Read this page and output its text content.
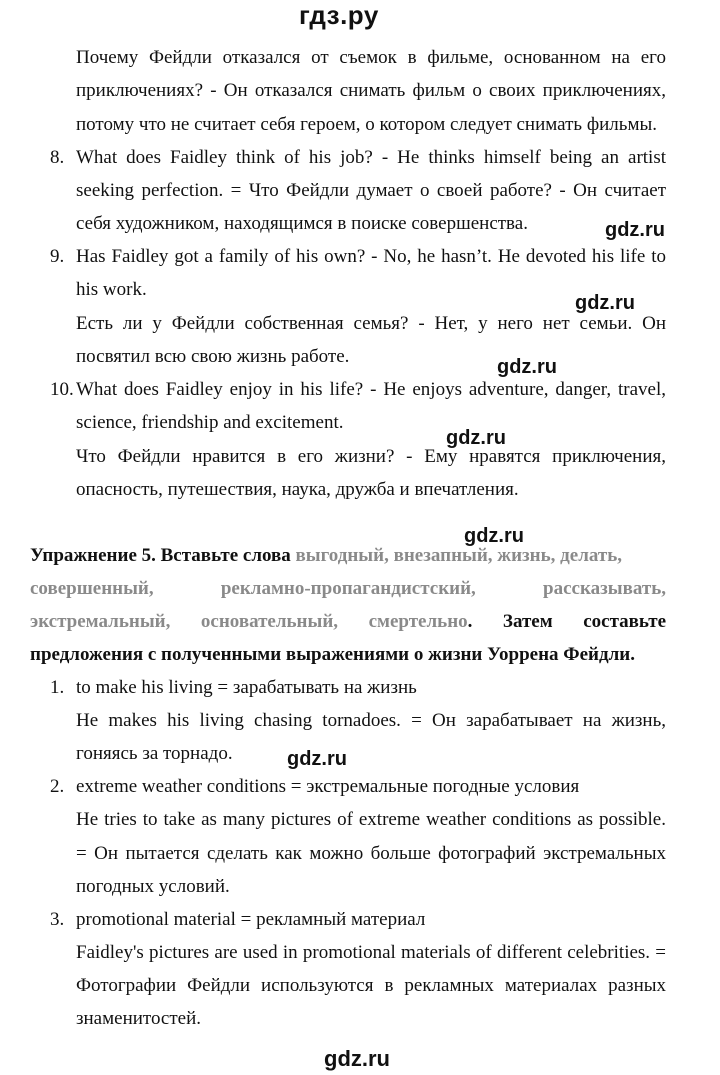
гдз.ру
Почему Фейдли отказался от съемок в фильме, основанном на его
приключениях? - Он отказался снимать фильм о своих приключениях,
потому что не считает себя героем, о котором следует снимать фильмы.
8. What does Faidley think of his job? - He thinks himself being an artist
seeking perfection. = Что Фейдли думает о своей работе? - Он считает
себя художником, находящимся в поиске совершенства.
9. Has Faidley got a family of his own? - No, he hasn’t. He devoted his life to
his work.
Есть ли у Фейдли собственная семья? - Нет, у него нет семьи. Он
посвятил всю свою жизнь работе.
10. What does Faidley enjoy in his life? - He enjoys adventure, danger, travel,
science, friendship and excitement.
Что Фейдли нравится в его жизни? - Ему нравятся приключения,
опасность, путешествия, наука, дружба и впечатления.
Упражнение 5. Вставьте слова выгодный, внезапный, жизнь, делать,
совершенный,	рекламно-пропагандистский,	рассказывать,
экстремальный, основательный, смертельно. Затем составьте
предложения с полученными выражениями о жизни Уоррена Фейдли.
1. to make his living = зарабатывать на жизнь
He makes his living chasing tornadoes. = Он зарабатывает на жизнь,
гоняясь за торнадо.
2. extreme weather conditions = экстремальные погодные условия
He tries to take as many pictures of extreme weather conditions as possible.
= Он пытается сделать как можно больше фотографий экстремальных
погодных условий.
3. promotional material = рекламный материал
Faidley's pictures are used in promotional materials of different celebrities. =
Фотографии Фейдли используются в рекламных материалах разных
знаменитостей.
gdz.ru
gdz.ru
gdz.ru
gdz.ru
gdz.ru
gdz.ru
gdz.ru
